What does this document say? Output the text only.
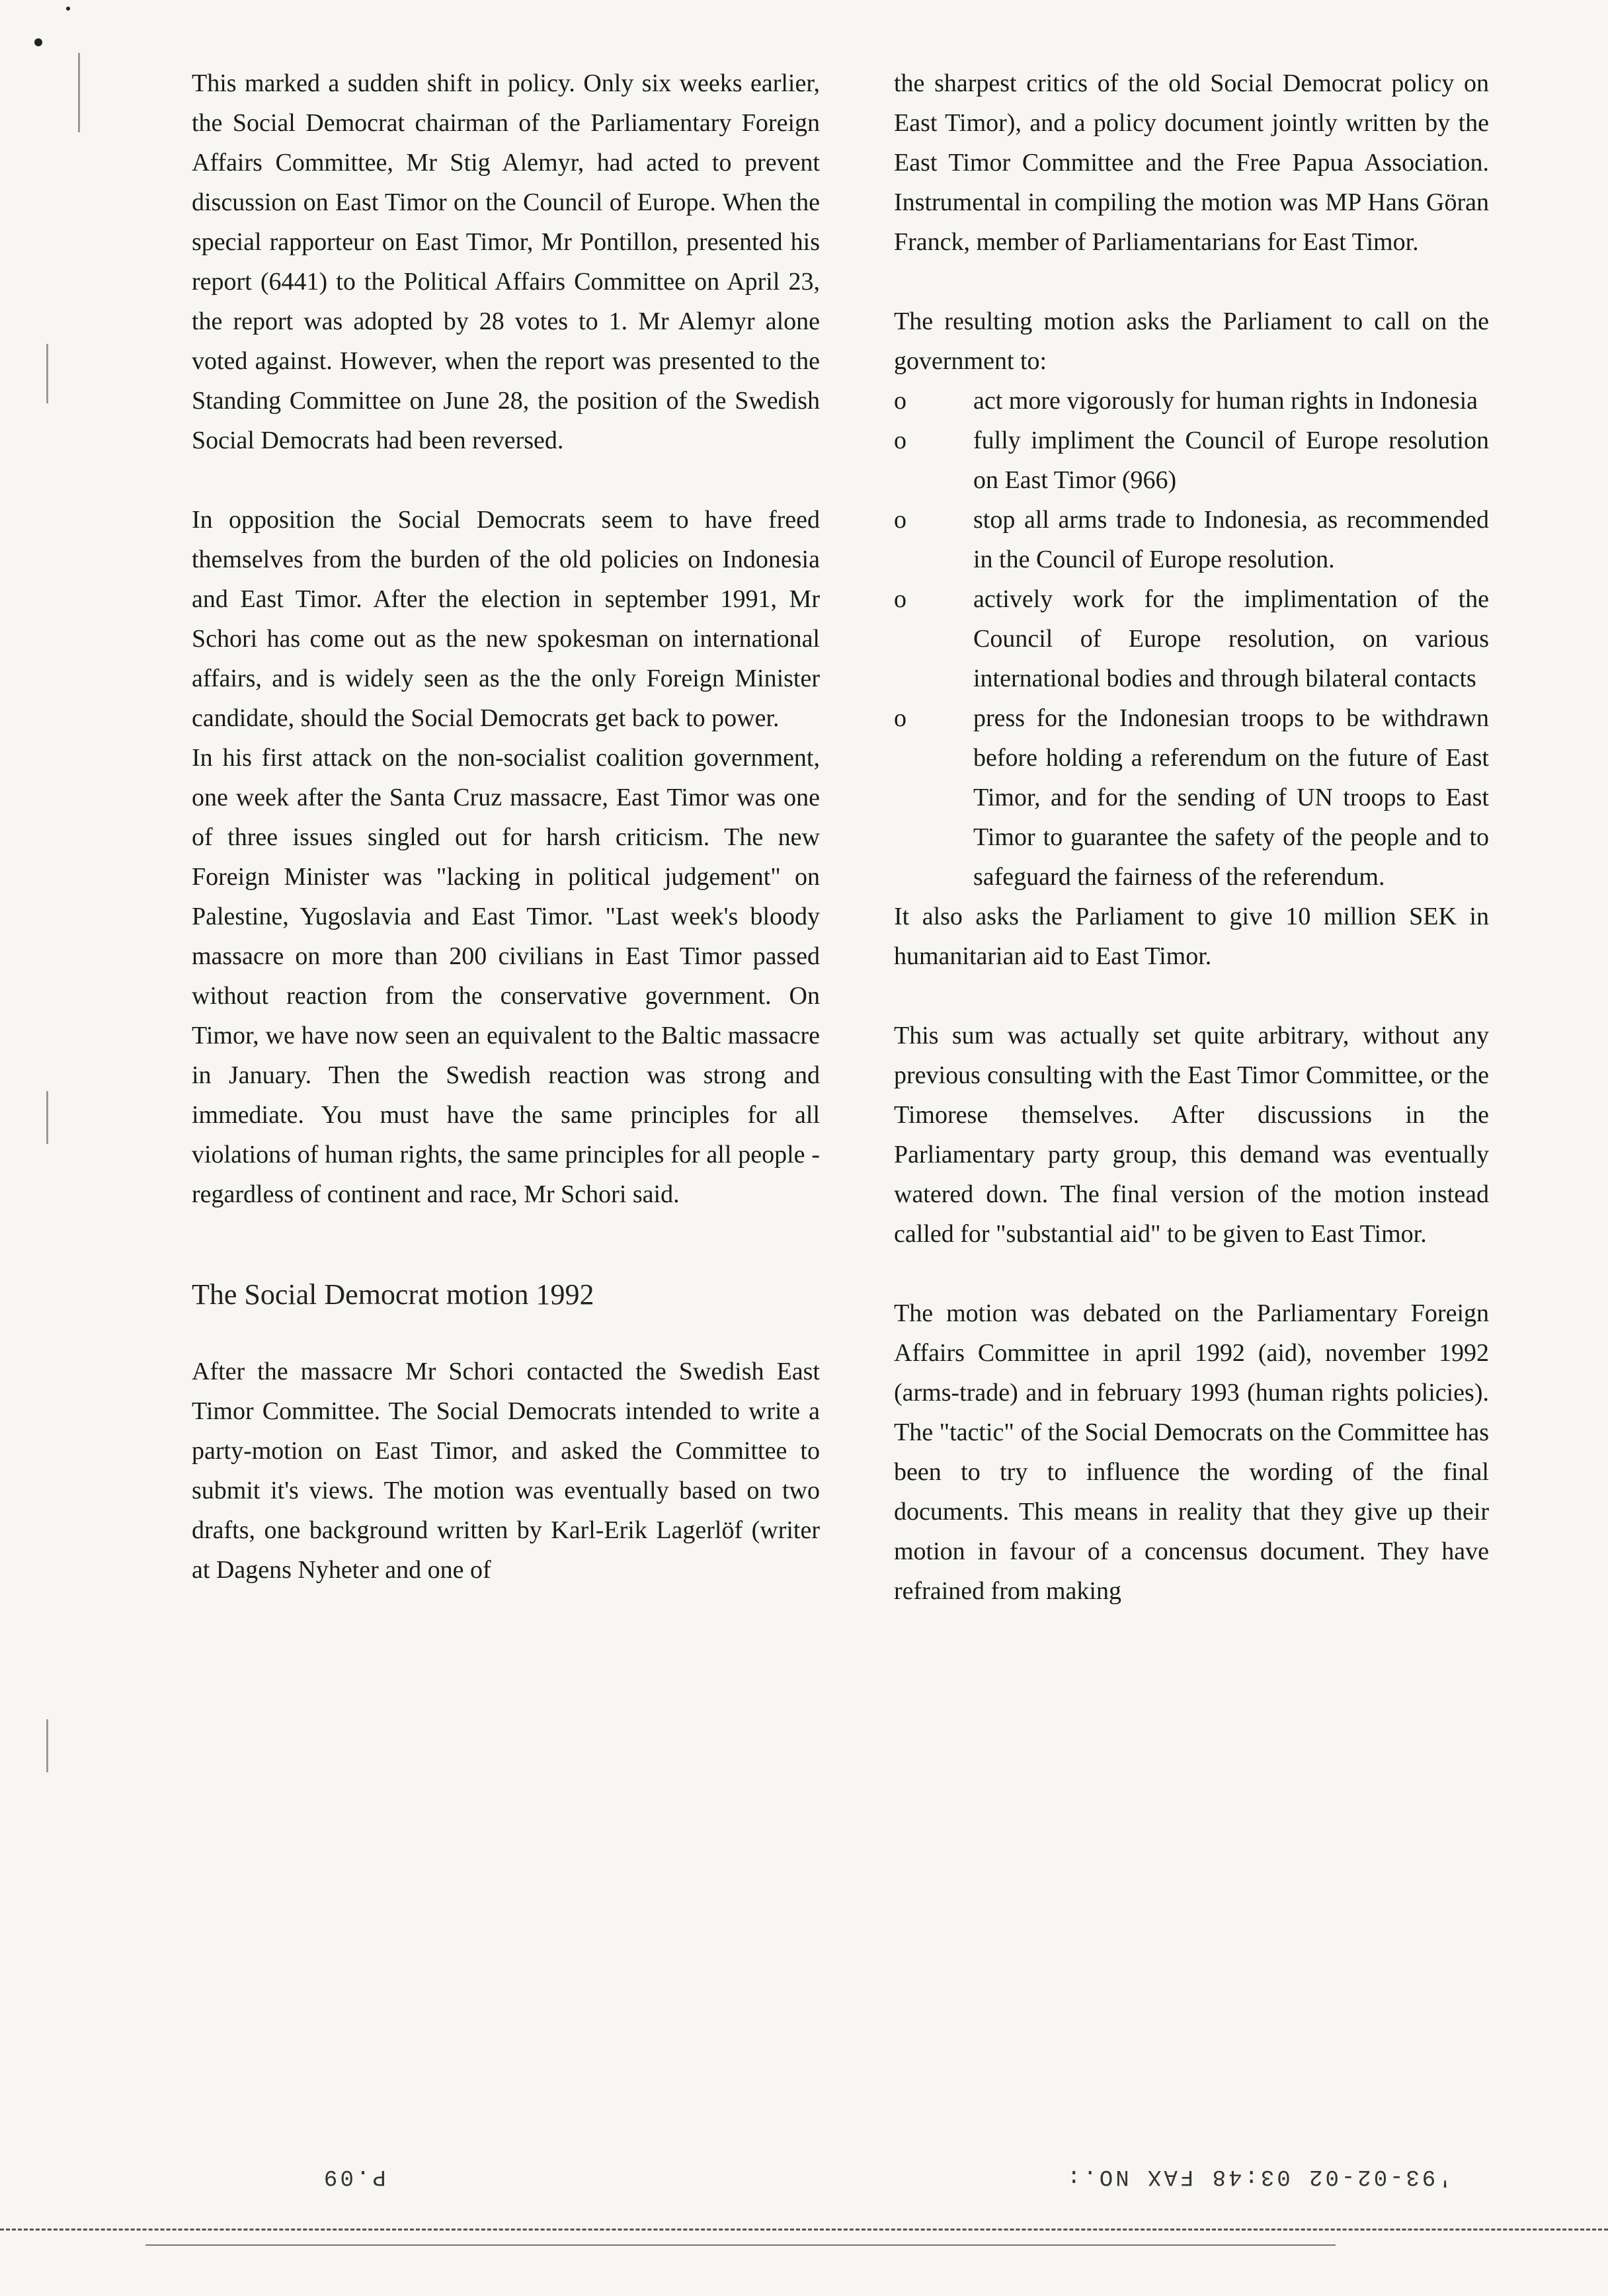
This marked a sudden shift in policy. Only six weeks earlier, the Social Democrat chairman of the Parliamentary Foreign Affairs Committee, Mr Stig Alemyr, had acted to prevent discussion on East Timor on the Council of Europe. When the special rapporteur on East Timor, Mr Pontillon, presented his report (6441) to the Political Affairs Committee on April 23, the report was adopted by 28 votes to 1. Mr Alemyr alone voted against. However, when the report was presented to the Standing Committee on June 28, the position of the Swedish Social Democrats had been reversed.

In opposition the Social Democrats seem to have freed themselves from the burden of the old policies on Indonesia and East Timor. After the election in september 1991, Mr Schori has come out as the new spokesman on international affairs, and is widely seen as the the only Foreign Minister candidate, should the Social Democrats get back to power.

In his first attack on the non-socialist coalition government, one week after the Santa Cruz massacre, East Timor was one of three issues singled out for harsh criticism. The new Foreign Minister was "lacking in political judgement" on Palestine, Yugoslavia and East Timor. "Last week's bloody massacre on more than 200 civilians in East Timor passed without reaction from the conservative government. On Timor, we have now seen an equivalent to the Baltic massacre in January. Then the Swedish reaction was strong and immediate. You must have the same principles for all violations of human rights, the same principles for all people - regardless of continent and race, Mr Schori said.

The Social Democrat motion 1992

After the massacre Mr Schori contacted the Swedish East Timor Committee. The Social Democrats intended to write a party-motion on East Timor, and asked the Committee to submit it's views. The motion was eventually based on two drafts, one background written by Karl-Erik Lagerlöf (writer at Dagens Nyheter and one of

the sharpest critics of the old Social Democrat policy on East Timor), and a policy document jointly written by the East Timor Committee and the Free Papua Association. Instrumental in compiling the motion was MP Hans Göran Franck, member of Parliamentarians for East Timor.

The resulting motion asks the Parliament to call on the government to:

o	act more vigorously for human rights in Indonesia

o	fully impliment the Council of Europe resolution on East Timor (966)

o	stop all arms trade to Indonesia, as recommended in the Council of Europe resolution.

o	actively work for the implimentation of the Council of Europe resolution, on various international bodies and through bilateral contacts

o	press for the Indonesian troops to be withdrawn before holding a referendum on the future of East Timor, and for the sending of UN troops to East Timor to guarantee the safety of the people and to safeguard the fairness of the referendum.

It also asks the Parliament to give 10 million SEK in humanitarian aid to East Timor.

This sum was actually set quite arbitrary, without any previous consulting with the East Timor Committee, or the Timorese themselves. After discussions in the Parliamentary party group, this demand was eventually watered down. The final version of the motion instead called for "substantial aid" to be given to East Timor.

The motion was debated on the Parliamentary Foreign Affairs Committee in april 1992 (aid), november 1992 (arms-trade) and in february 1993 (human rights policies). The "tactic" of the Social Democrats on the Committee has been to try to influence the wording of the final documents. This means in reality that they give up their motion in favour of a concensus document. They have refrained from making

P.09	'93-02-02 03:48 FAX NO.:
